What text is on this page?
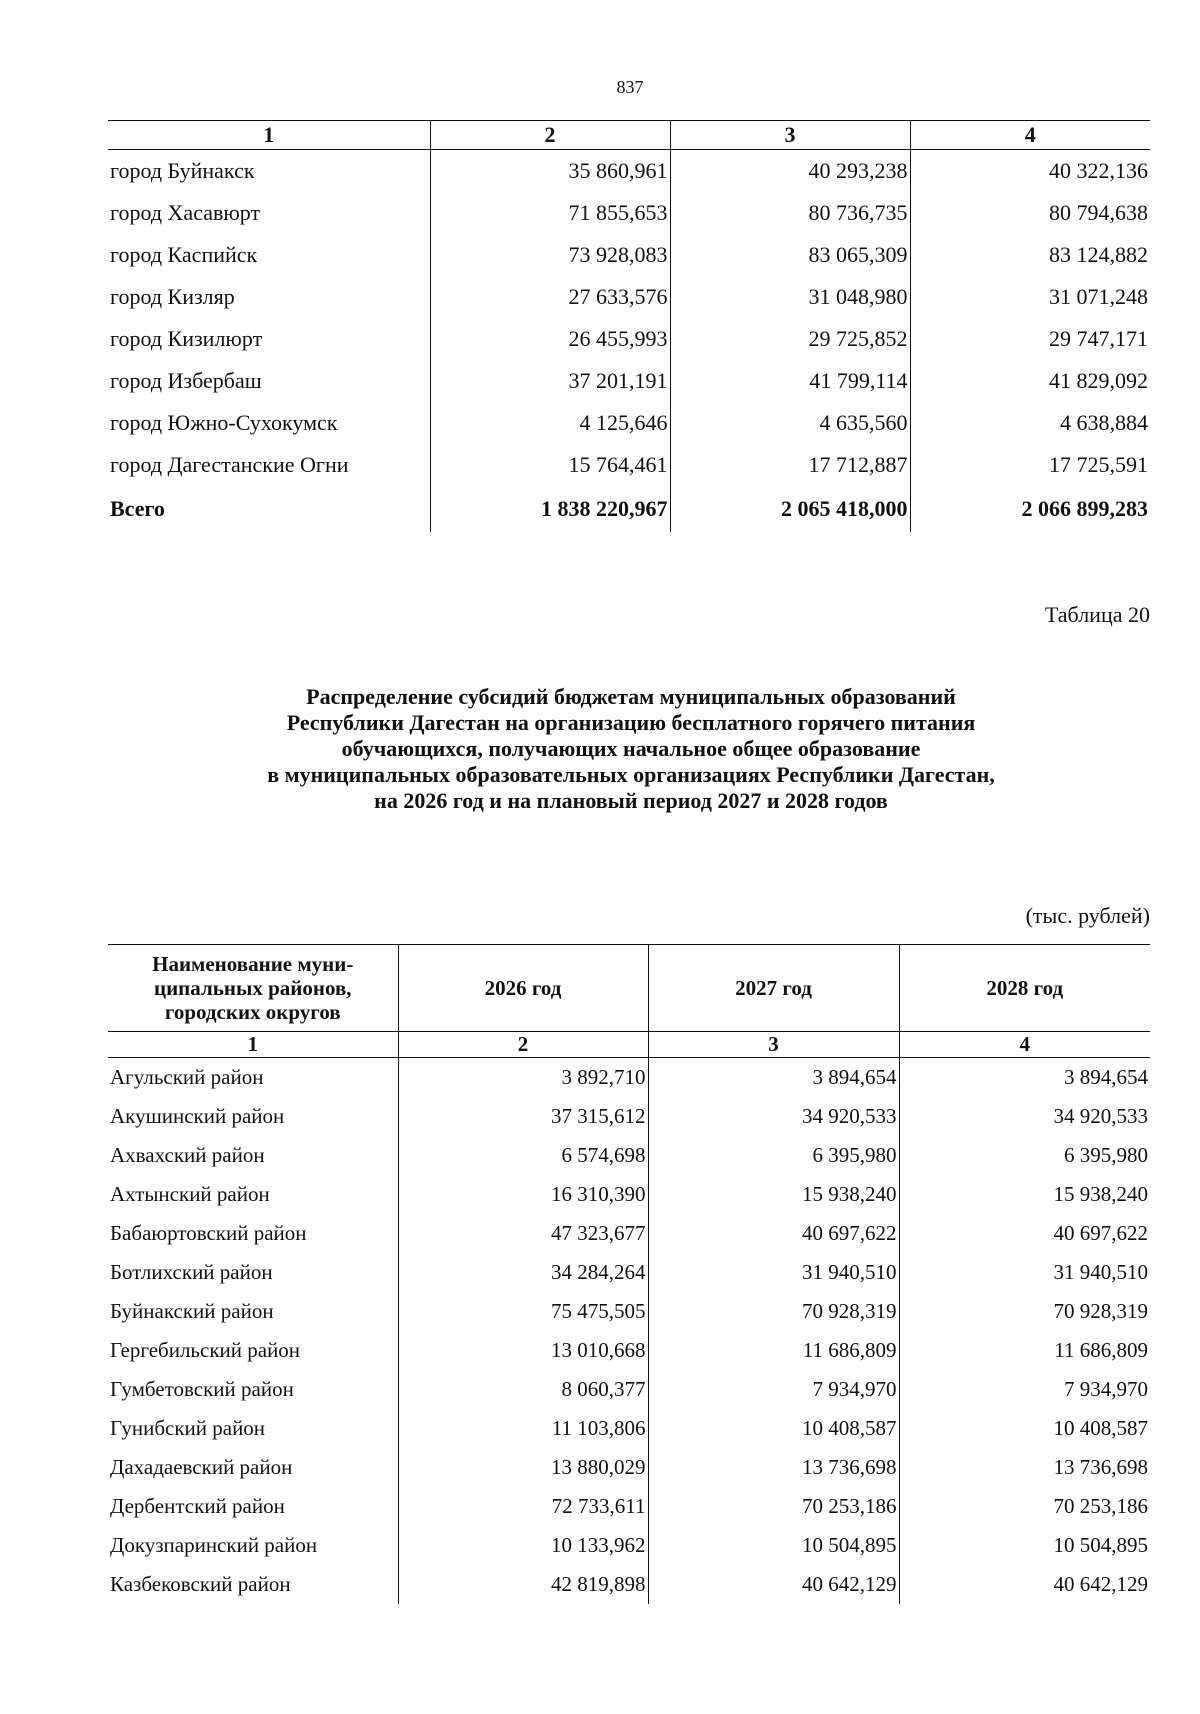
837
1	2	3	4
город Буйнакск	35 860,961	40 293,238	40 322,136
город Хасавюрт	71 855,653	80 736,735	80 794,638
город Каспийск	73 928,083	83 065,309	83 124,882
город Кизляр	27 633,576	31 048,980	31 071,248
город Кизилюрт	26 455,993	29 725,852	29 747,171
город Избербаш	37 201,191	41 799,114	41 829,092
город Южно-Сухокумск	4 125,646	4 635,560	4 638,884
город Дагестанские Огни	15 764,461	17 712,887	17 725,591
Всего	1 838 220,967	2 065 418,000	2 066 899,283
Таблица 20
Распределение субсидий бюджетам муниципальных образований
Республики Дагестан на организацию бесплатного горячего питания
обучающихся, получающих начальное общее образование
в муниципальных образовательных организациях Республики Дагестан,
на 2026 год и на плановый период 2027 и 2028 годов
(тыс. рублей)
Наименование муни-
ципальных районов,
городских округов	2026 год	2027 год	2028 год
1	2	3	4
Агульский район	3 892,710	3 894,654	3 894,654
Акушинский район	37 315,612	34 920,533	34 920,533
Ахвахский район	6 574,698	6 395,980	6 395,980
Ахтынский район	16 310,390	15 938,240	15 938,240
Бабаюртовский район	47 323,677	40 697,622	40 697,622
Ботлихский район	34 284,264	31 940,510	31 940,510
Буйнакский район	75 475,505	70 928,319	70 928,319
Гергебильский район	13 010,668	11 686,809	11 686,809
Гумбетовский район	8 060,377	7 934,970	7 934,970
Гунибский район	11 103,806	10 408,587	10 408,587
Дахадаевский район	13 880,029	13 736,698	13 736,698
Дербентский район	72 733,611	70 253,186	70 253,186
Докузпаринский район	10 133,962	10 504,895	10 504,895
Казбековский район	42 819,898	40 642,129	40 642,129
